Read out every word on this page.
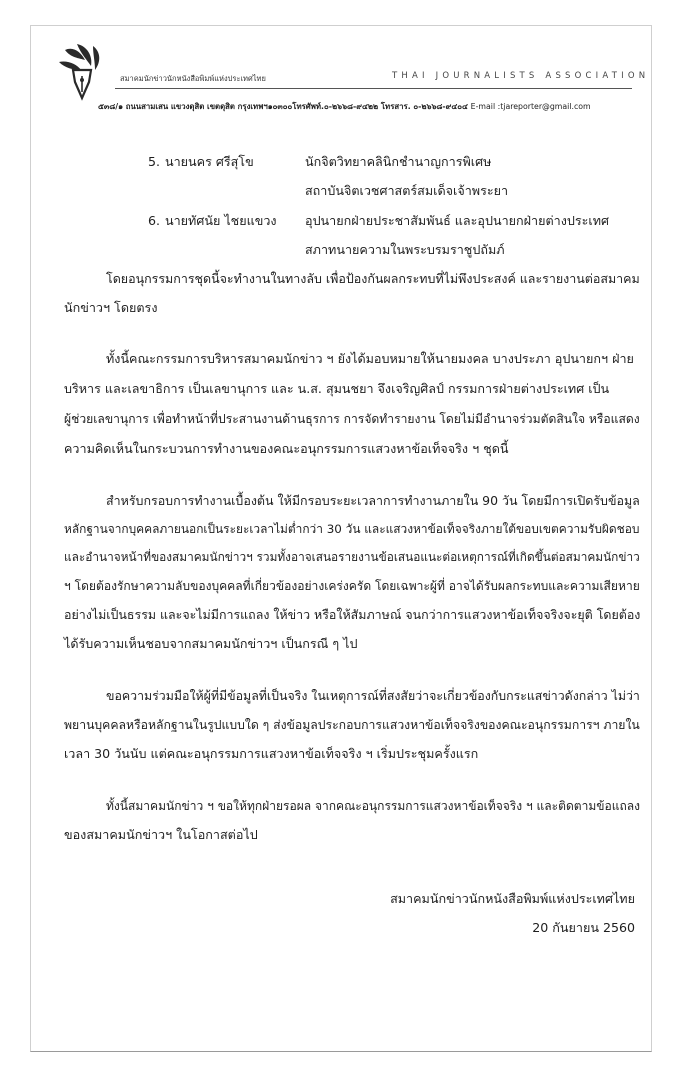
สมาคมนักข่าวนักหนังสือพิมพ์แห่งประเทศไทย	THAI JOURNALISTS ASSOCIATION
๕๓๘/๑ ถนนสามเสน แขวงดุสิต เขตดุสิต กรุงเทพฯ๑๐๓๐๐โทรศัพท์.๐-๒๖๖๘-๙๔๒๒ โทรสาร. ๐-๒๖๖๘-๙๔๐๔ E-mail :tjareporter@gmail.com
5. นายนคร ศรีสุโข	นักจิตวิทยาคลินิกชำนาญการพิเศษ
สถาบันจิตเวชศาสตร์สมเด็จเจ้าพระยา
6. นายทัศนัย ไชยแขวง อุปนายกฝ่ายประชาสัมพันธ์ และอุปนายกฝ่ายต่างประเทศ
สภาทนายความในพระบรมราชูปถัมภ์
โดยอนุกรรมการชุดนี้จะทำงานในทางลับ เพื่อป้องกันผลกระทบที่ไม่พึงประสงค์ และรายงานต่อสมาคม
นักข่าวฯ โดยตรง
ทั้งนี้คณะกรรมการบริหารสมาคมนักข่าว ฯ ยังได้มอบหมายให้นายมงคล บางประภา อุปนายกฯ ฝ่าย
บริหาร และเลขาธิการ เป็นเลขานุการ และ น.ส. สุมนชยา จึงเจริญศิลป์ กรรมการฝ่ายต่างประเทศ เป็น
ผู้ช่วยเลขานุการ เพื่อทำหน้าที่ประสานงานด้านธุรการ การจัดทำรายงาน โดยไม่มีอำนาจร่วมตัดสินใจ หรือแสดง
ความคิดเห็นในกระบวนการทำงานของคณะอนุกรรมการแสวงหาข้อเท็จจริง ฯ ชุดนี้
สำหรับกรอบการทำงานเบื้องต้น ให้มีกรอบระยะเวลาการทำงานภายใน 90 วัน โดยมีการเปิดรับข้อมูล
หลักฐานจากบุคคลภายนอกเป็นระยะเวลาไม่ต่ำกว่า 30 วัน และแสวงหาข้อเท็จจริงภายใต้ขอบเขตความรับผิดชอบ
และอำนาจหน้าที่ของสมาคมนักข่าวฯ รวมทั้งอาจเสนอรายงานข้อเสนอแนะต่อเหตุการณ์ที่เกิดขึ้นต่อสมาคมนักข่าว
ฯ โดยต้องรักษาความลับของบุคคลที่เกี่ยวข้องอย่างเคร่งครัด โดยเฉพาะผู้ที่ อาจได้รับผลกระทบและความเสียหาย
อย่างไม่เป็นธรรม และจะไม่มีการแถลง ให้ข่าว หรือให้สัมภาษณ์ จนกว่าการแสวงหาข้อเท็จจริงจะยุติ โดยต้อง
ได้รับความเห็นชอบจากสมาคมนักข่าวฯ เป็นกรณี ๆ ไป
ขอความร่วมมือให้ผู้ที่มีข้อมูลที่เป็นจริง ในเหตุการณ์ที่สงสัยว่าจะเกี่ยวข้องกับกระแสข่าวดังกล่าว ไม่ว่า
พยานบุคคลหรือหลักฐานในรูปแบบใด ๆ ส่งข้อมูลประกอบการแสวงหาข้อเท็จจริงของคณะอนุกรรมการฯ ภายใน
เวลา 30 วันนับ แต่คณะอนุกรรมการแสวงหาข้อเท็จจริง ฯ เริ่มประชุมครั้งแรก
ทั้งนี้สมาคมนักข่าว ฯ ขอให้ทุกฝ่ายรอผล จากคณะอนุกรรมการแสวงหาข้อเท็จจริง ฯ และติดตามข้อแถลง
ของสมาคมนักข่าวฯ ในโอกาสต่อไป
สมาคมนักข่าวนักหนังสือพิมพ์แห่งประเทศไทย
20 กันยายน 2560
